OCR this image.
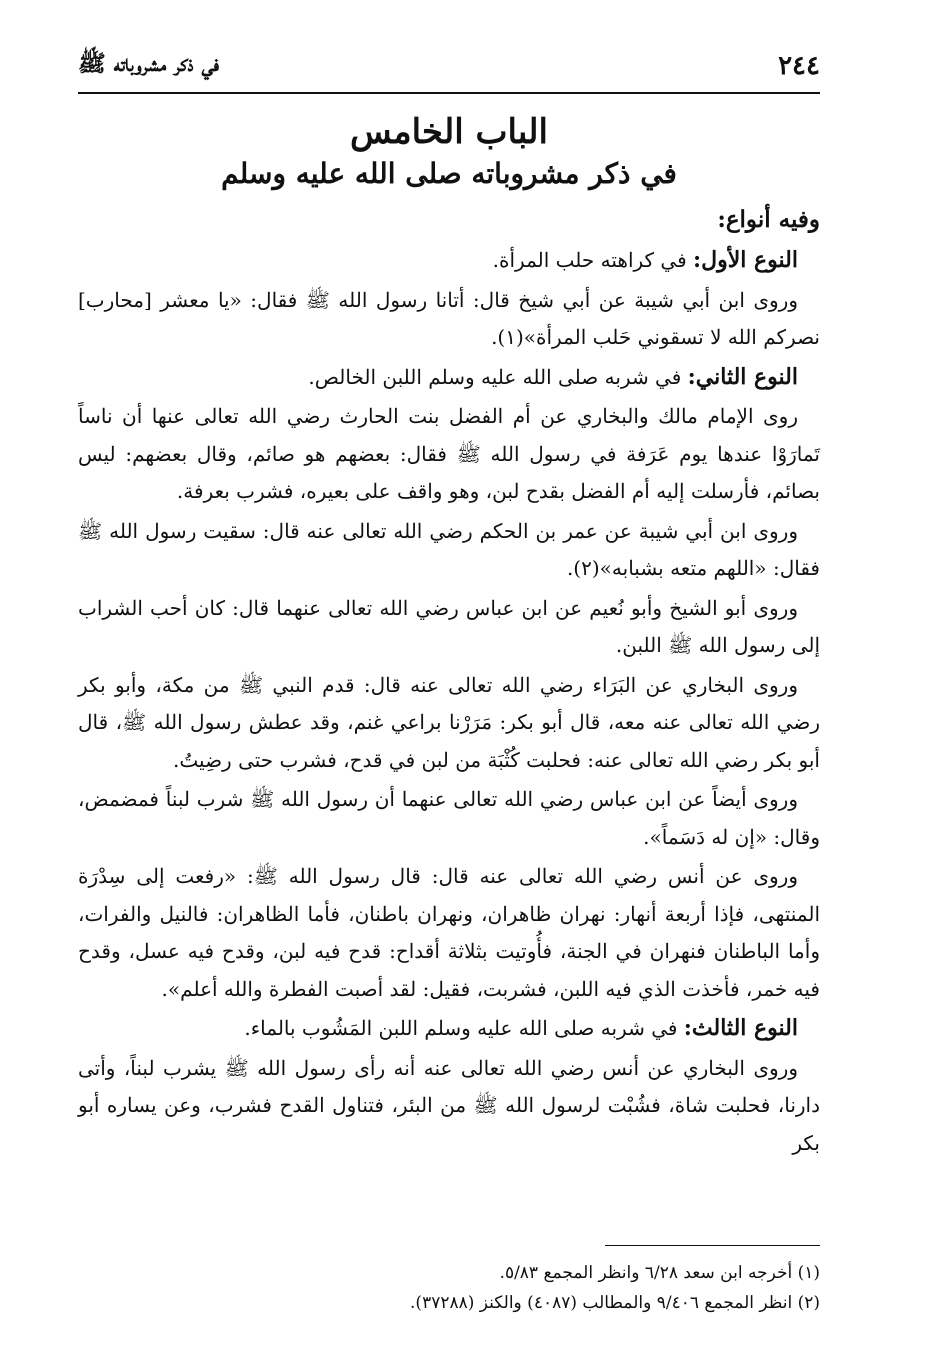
٢٤٤
في ذكر مشروباته ﷺ
الباب الخامس
في ذكر مشروباته صلى الله عليه وسلم
وفيه أنواع:

النوع الأول: في كراهته حلب المرأة.

وروى ابن أبي شيبة عن أبي شيخ قال: أتانا رسول الله ﷺ فقال: «يا معشر [محارب] نصركم الله لا تسقوني حَلب المرأة»(١).

النوع الثاني: في شربه صلى الله عليه وسلم اللبن الخالص.

روى الإمام مالك والبخاري عن أم الفضل بنت الحارث رضي الله تعالى عنها أن ناساً تَمارَوْا عندها يوم عَرَفة في رسول الله ﷺ فقال: بعضهم هو صائم، وقال بعضهم: ليس بصائم، فأرسلت إليه أم الفضل بقدح لبن، وهو واقف على بعيره، فشرب بعرفة.

وروى ابن أبي شيبة عن عمر بن الحكم رضي الله تعالى عنه قال: سقيت رسول الله ﷺ فقال: «اللهم متعه بشبابه»(٢).

وروى أبو الشيخ وأبو نُعيم عن ابن عباس رضي الله تعالى عنهما قال: كان أحب الشراب إلى رسول الله ﷺ اللبن.

وروى البخاري عن البَرَاء رضي الله تعالى عنه قال: قدم النبي ﷺ من مكة، وأبو بكر رضي الله تعالى عنه معه، قال أبو بكر: مَرَرْنا براعي غنم، وقد عطش رسول الله ﷺ، قال أبو بكر رضي الله تعالى عنه: فحلبت كُثْبَة من لبن في قدح، فشرب حتى رضِيتُ.

وروى أيضاً عن ابن عباس رضي الله تعالى عنهما أن رسول الله ﷺ شرب لبناً فمضمض، وقال: «إن له دَسَماً».

وروى عن أنس رضي الله تعالى عنه قال: قال رسول الله ﷺ: «رفعت إلى سِدْرَة المنتهى، فإذا أربعة أنهار: نهران ظاهران، ونهران باطنان، فأما الظاهران: فالنيل والفرات، وأما الباطنان فنهران في الجنة، فأُوتيت بثلاثة أقداح: قدح فيه لبن، وقدح فيه عسل، وقدح فيه خمر، فأخذت الذي فيه اللبن، فشربت، فقيل: لقد أصبت الفطرة والله أعلم».

النوع الثالث: في شربه صلى الله عليه وسلم اللبن المَشُوب بالماء.

وروى البخاري عن أنس رضي الله تعالى عنه أنه رأى رسول الله ﷺ يشرب لبناً، وأتى دارنا، فحلبت شاة، فشُبْت لرسول الله ﷺ من البئر، فتناول القدح فشرب، وعن يساره أبو بكر

(١) أخرجه ابن سعد ٦/٢٨ وانظر المجمع ٥/٨٣.
(٢) انظر المجمع ٩/٤٠٦ والمطالب (٤٠٨٧) والكنز (٣٧٢٨٨).
